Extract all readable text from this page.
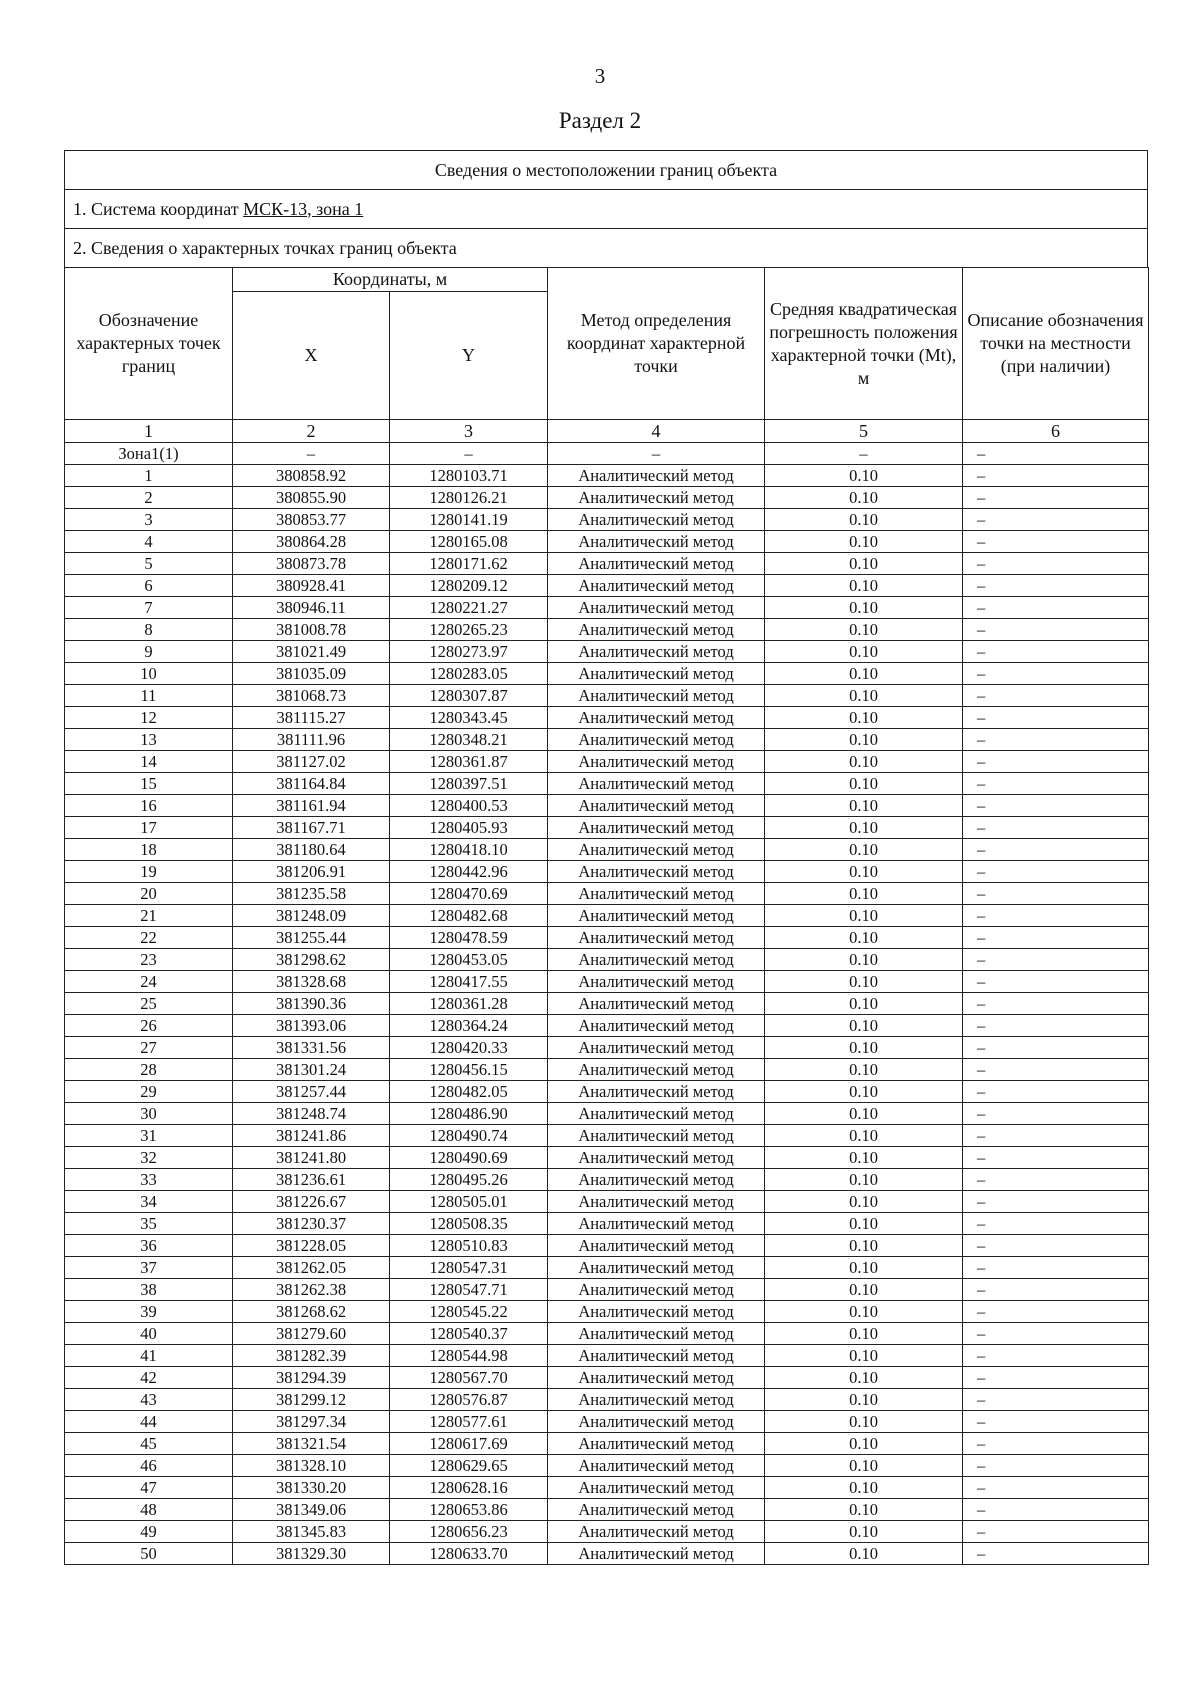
3
Раздел 2
Сведения о местоположении границ объекта
1. Система координат МСК-13, зона 1
2. Сведения о характерных точках границ объекта
Обозначение характерных точек границ	Координаты, м		Метод определения координат характерной точки	Средняя квадратическая погрешность положения характерной точки (Mt), м	Описание обозначения точки на местности (при наличии)
	X	Y			
1	2	3	4	5	6
Зона1(1)	–	–	–	–	–
1	380858.92	1280103.71	Аналитический метод	0.10	–
2	380855.90	1280126.21	Аналитический метод	0.10	–
3	380853.77	1280141.19	Аналитический метод	0.10	–
4	380864.28	1280165.08	Аналитический метод	0.10	–
5	380873.78	1280171.62	Аналитический метод	0.10	–
6	380928.41	1280209.12	Аналитический метод	0.10	–
7	380946.11	1280221.27	Аналитический метод	0.10	–
8	381008.78	1280265.23	Аналитический метод	0.10	–
9	381021.49	1280273.97	Аналитический метод	0.10	–
10	381035.09	1280283.05	Аналитический метод	0.10	–
11	381068.73	1280307.87	Аналитический метод	0.10	–
12	381115.27	1280343.45	Аналитический метод	0.10	–
13	381111.96	1280348.21	Аналитический метод	0.10	–
14	381127.02	1280361.87	Аналитический метод	0.10	–
15	381164.84	1280397.51	Аналитический метод	0.10	–
16	381161.94	1280400.53	Аналитический метод	0.10	–
17	381167.71	1280405.93	Аналитический метод	0.10	–
18	381180.64	1280418.10	Аналитический метод	0.10	–
19	381206.91	1280442.96	Аналитический метод	0.10	–
20	381235.58	1280470.69	Аналитический метод	0.10	–
21	381248.09	1280482.68	Аналитический метод	0.10	–
22	381255.44	1280478.59	Аналитический метод	0.10	–
23	381298.62	1280453.05	Аналитический метод	0.10	–
24	381328.68	1280417.55	Аналитический метод	0.10	–
25	381390.36	1280361.28	Аналитический метод	0.10	–
26	381393.06	1280364.24	Аналитический метод	0.10	–
27	381331.56	1280420.33	Аналитический метод	0.10	–
28	381301.24	1280456.15	Аналитический метод	0.10	–
29	381257.44	1280482.05	Аналитический метод	0.10	–
30	381248.74	1280486.90	Аналитический метод	0.10	–
31	381241.86	1280490.74	Аналитический метод	0.10	–
32	381241.80	1280490.69	Аналитический метод	0.10	–
33	381236.61	1280495.26	Аналитический метод	0.10	–
34	381226.67	1280505.01	Аналитический метод	0.10	–
35	381230.37	1280508.35	Аналитический метод	0.10	–
36	381228.05	1280510.83	Аналитический метод	0.10	–
37	381262.05	1280547.31	Аналитический метод	0.10	–
38	381262.38	1280547.71	Аналитический метод	0.10	–
39	381268.62	1280545.22	Аналитический метод	0.10	–
40	381279.60	1280540.37	Аналитический метод	0.10	–
41	381282.39	1280544.98	Аналитический метод	0.10	–
42	381294.39	1280567.70	Аналитический метод	0.10	–
43	381299.12	1280576.87	Аналитический метод	0.10	–
44	381297.34	1280577.61	Аналитический метод	0.10	–
45	381321.54	1280617.69	Аналитический метод	0.10	–
46	381328.10	1280629.65	Аналитический метод	0.10	–
47	381330.20	1280628.16	Аналитический метод	0.10	–
48	381349.06	1280653.86	Аналитический метод	0.10	–
49	381345.83	1280656.23	Аналитический метод	0.10	–
50	381329.30	1280633.70	Аналитический метод	0.10	–
